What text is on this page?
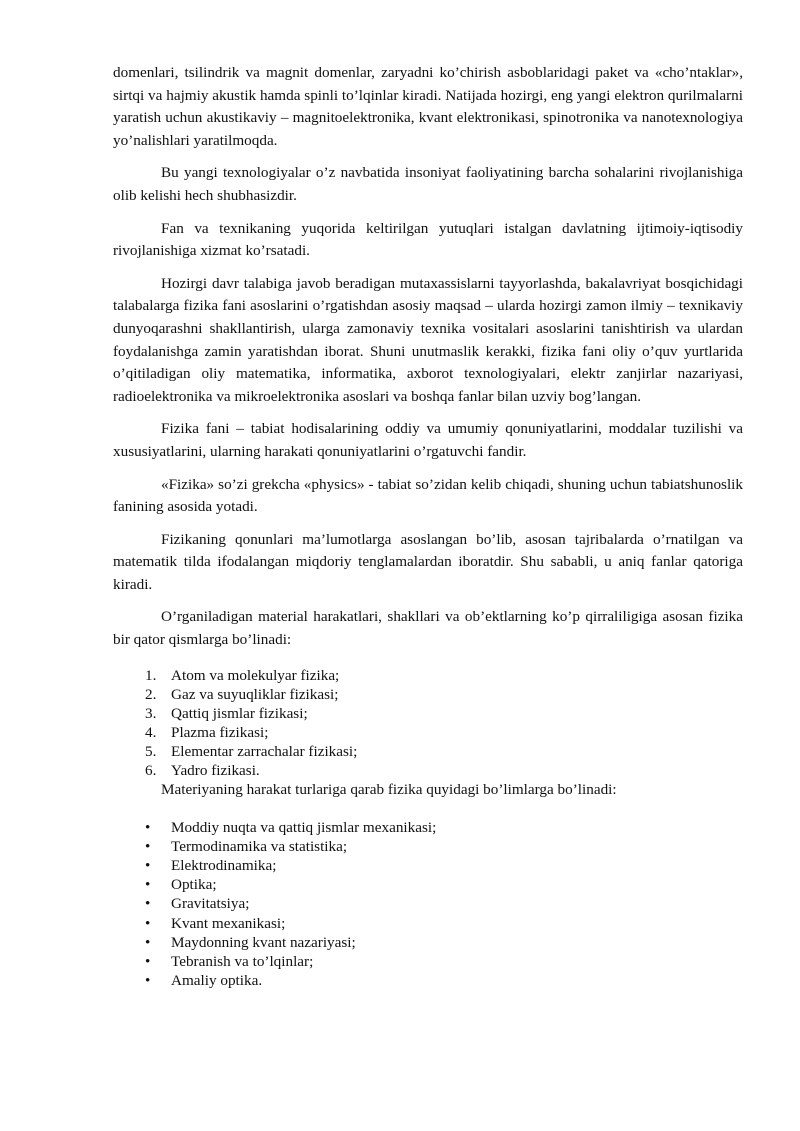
domenlari, tsilindrik va magnit domenlar, zaryadni ko’chirish asboblaridagi paket va «cho’ntaklar», sirtqi va hajmiy akustik hamda spinli to’lqinlar kiradi. Natijada hozirgi, eng yangi elektron qurilmalarni yaratish uchun akustikaviy – magnitoelektronika, kvant elektronikasi, spinotronika va nanotexnologiya yo’nalishlari yaratilmoqda.

Bu yangi texnologiyalar o’z navbatida insoniyat faoliyatining barcha sohalarini rivojlanishiga olib kelishi hech shubhasizdir.

Fan va texnikaning yuqorida keltirilgan yutuqlari istalgan davlatning ijtimoiy-iqtisodiy rivojlanishiga xizmat ko’rsatadi.

Hozirgi davr talabiga javob beradigan mutaxassislarni tayyorlashda, bakalavriyat bosqichidagi talabalarga fizika fani asoslarini o’rgatishdan asosiy maqsad – ularda hozirgi zamon ilmiy – texnikaviy dunyoqarashni shakllantirish, ularga zamonaviy texnika vositalari asoslarini tanishtirish va ulardan foydalanishga zamin yaratishdan iborat. Shuni unutmaslik kerakki, fizika fani oliy o’quv yurtlarida o’qitiladigan oliy matematika, informatika, axborot texnologiyalari, elektr zanjirlar nazariyasi, radioelektronika va mikroelektronika asoslari va boshqa fanlar bilan uzviy bog’langan.

Fizika fani – tabiat hodisalarining oddiy va umumiy qonuniyatlarini, moddalar tuzilishi va xususiyatlarini, ularning harakati qonuniyatlarini o’rgatuvchi fandir.

«Fizika» so’zi grekcha «physics» - tabiat so’zidan kelib chiqadi, shuning uchun tabiatshunoslik fanining asosida yotadi.

Fizikaning qonunlari ma’lumotlarga asoslangan bo’lib, asosan tajribalarda o’rnatilgan va matematik tilda ifodalangan miqdoriy tenglamalardan iboratdir. Shu sababli, u aniq fanlar qatoriga kiradi.

O’rganiladigan material harakatlari, shakllari va ob’ektlarning ko’p qirraliligiga asosan fizika bir qator qismlarga bo’linadi:

1. Atom va molekulyar fizika;
2. Gaz va suyuqliklar fizikasi;
3. Qattiq jismlar fizikasi;
4. Plazma fizikasi;
5. Elementar zarrachalar fizikasi;
6. Yadro fizikasi.

Materiyaning harakat turlariga qarab fizika quyidagi bo’limlarga bo’linadi:

• Moddiy nuqta va qattiq jismlar mexanikasi;
• Termodinamika va statistika;
• Elektrodinamika;
• Optika;
• Gravitatsiya;
• Kvant mexanikasi;
• Maydonning kvant nazariyasi;
• Tebranish va to’lqinlar;
• Amaliy optika.
